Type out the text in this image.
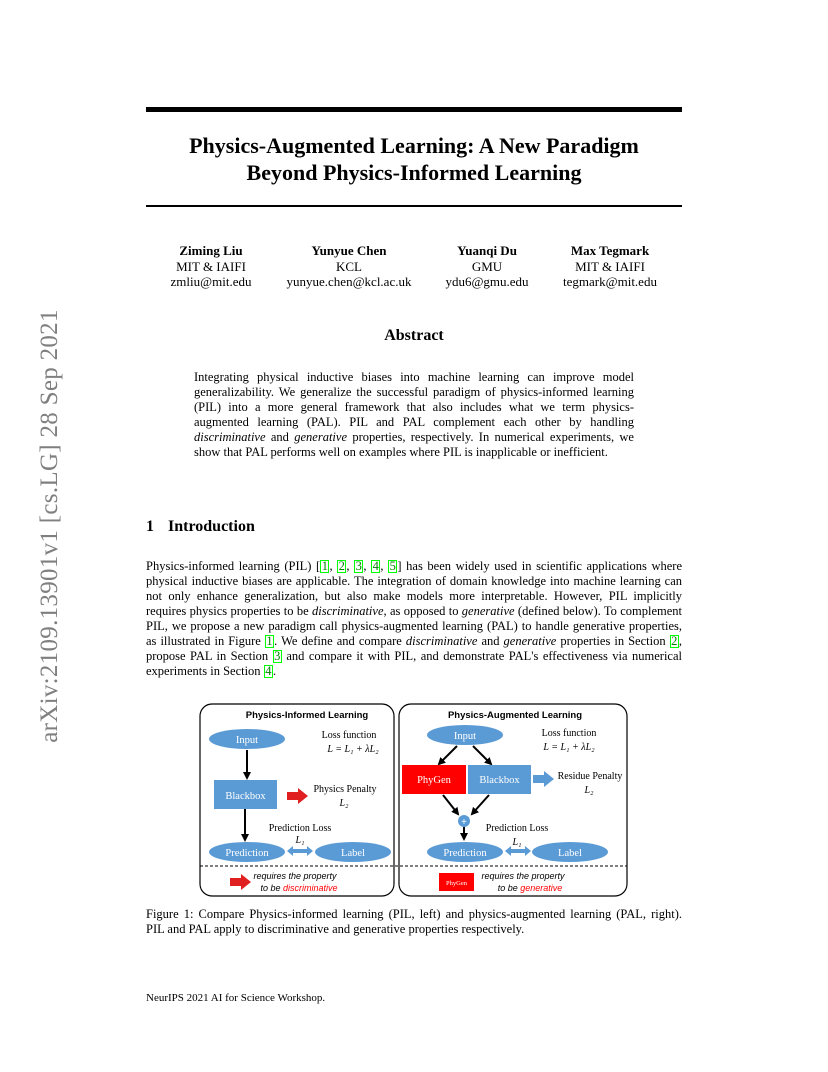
arXiv:2109.13901v1 [cs.LG] 28 Sep 2021
Physics-Augmented Learning: A New Paradigm
Beyond Physics-Informed Learning
Ziming Liu
MIT & IAIFI
zmliu@mit.edu
Yunyue Chen
KCL
yunyue.chen@kcl.ac.uk
Yuanqi Du
GMU
ydu6@gmu.edu
Max Tegmark
MIT & IAIFI
tegmark@mit.edu
Abstract
Integrating physical inductive biases into machine learning can improve model generalizability. We generalize the successful paradigm of physics-informed learning (PIL) into a more general framework that also includes what we term physics-augmented learning (PAL). PIL and PAL complement each other by handling discriminative and generative properties, respectively. In numerical experiments, we show that PAL performs well on examples where PIL is inapplicable or inefficient.
1 Introduction
Physics-informed learning (PIL) [ 1 , 2 , 3 , 4 , 5 ] has been widely used in scientific applications where physical inductive biases are applicable. The integration of domain knowledge into machine learning can not only enhance generalization, but also make models more interpretable. However, PIL implicitly requires physics properties to be discriminative, as opposed to generative (defined below). To complement PIL, we propose a new paradigm call physics-augmented learning (PAL) to handle generative properties, as illustrated in Figure 1 . We define and compare discriminative and generative properties in Section 2 , propose PAL in Section 3 and compare it with PIL, and demonstrate PAL's effectiveness via numerical experiments in Section 4 .
Physics-Informed Learning
Input	Loss function
L = L₁ + λL₂
Blackbox
Physics Penalty
L₂
Prediction Loss
L₁
Prediction	Label
Physics-Augmented Learning
Input	Loss function
L = L₁ + λL₂
PhyGen	Blackbox	Residue Penalty
L₂
+
Prediction Loss
L₁
Prediction	Label
requires the property
to be discriminative	PhyGen
requires the property
to be generative
Figure 1: Compare Physics-informed learning (PIL, left) and physics-augmented learning (PAL, right). PIL and PAL apply to discriminative and generative properties respectively.
NeurIPS 2021 AI for Science Workshop.
